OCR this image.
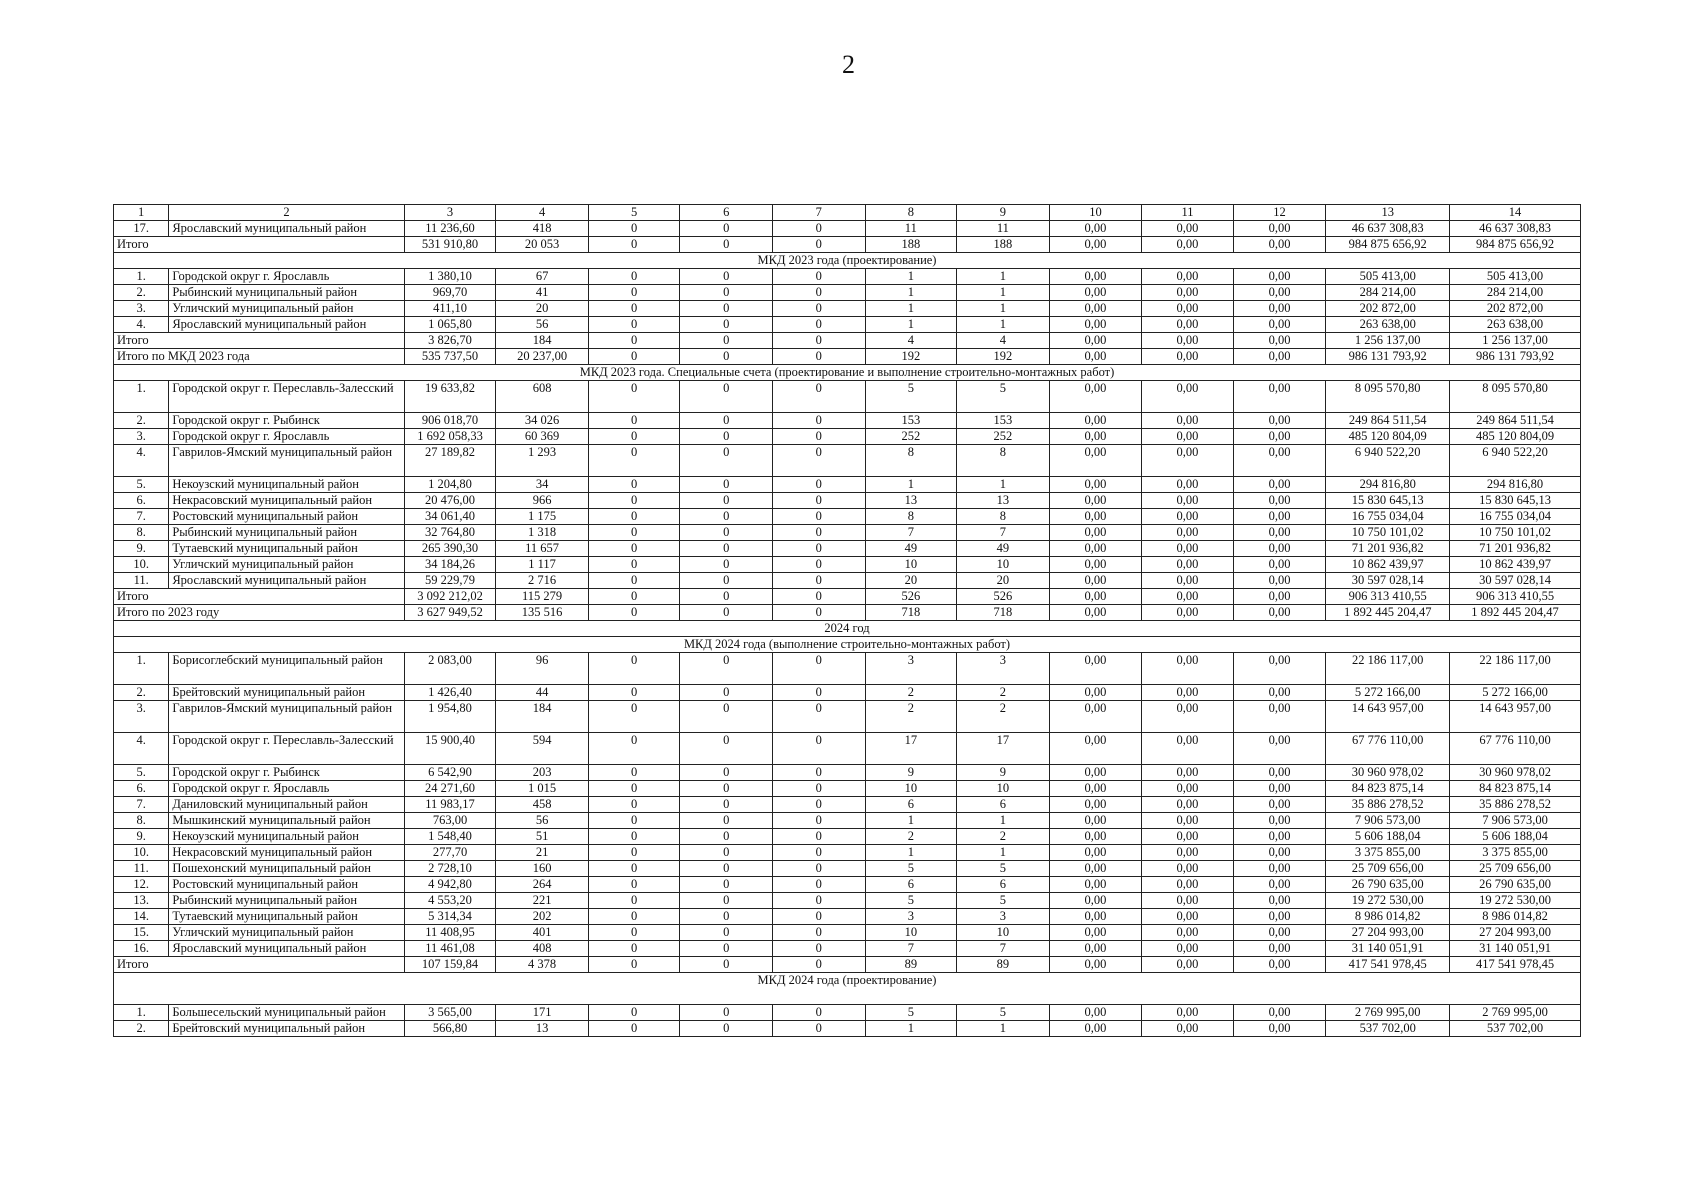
2
1	2	3	4	5	6	7	8	9	10	11	12	13	14
17.	Ярославский муниципальный район	11 236,60	418	0	0	0	11	11	0,00	0,00	0,00	46 637 308,83	46 637 308,83
Итого		531 910,80	20 053	0	0	0	188	188	0,00	0,00	0,00	984 875 656,92	984 875 656,92
МКД 2023 года (проектирование)													
1.	Городской округ г. Ярославль	1 380,10	67	0	0	0	1	1	0,00	0,00	0,00	505 413,00	505 413,00
2.	Рыбинский муниципальный район	969,70	41	0	0	0	1	1	0,00	0,00	0,00	284 214,00	284 214,00
3.	Угличский муниципальный район	411,10	20	0	0	0	1	1	0,00	0,00	0,00	202 872,00	202 872,00
4.	Ярославский муниципальный район	1 065,80	56	0	0	0	1	1	0,00	0,00	0,00	263 638,00	263 638,00
Итого		3 826,70	184	0	0	0	4	4	0,00	0,00	0,00	1 256 137,00	1 256 137,00
Итого по МКД 2023 года		535 737,50	20 237,00	0	0	0	192	192	0,00	0,00	0,00	986 131 793,92	986 131 793,92
МКД 2023 года. Специальные счета (проектирование и выполнение строительно-монтажных работ)													
1.	Городской округ г. Переславль-Залесский	19 633,82	608	0	0	0	5	5	0,00	0,00	0,00	8 095 570,80	8 095 570,80
2.	Городской округ г. Рыбинск	906 018,70	34 026	0	0	0	153	153	0,00	0,00	0,00	249 864 511,54	249 864 511,54
3.	Городской округ г. Ярославль	1 692 058,33	60 369	0	0	0	252	252	0,00	0,00	0,00	485 120 804,09	485 120 804,09
4.	Гаврилов-Ямский муниципальный район	27 189,82	1 293	0	0	0	8	8	0,00	0,00	0,00	6 940 522,20	6 940 522,20
5.	Некоузский муниципальный район	1 204,80	34	0	0	0	1	1	0,00	0,00	0,00	294 816,80	294 816,80
6.	Некрасовский муниципальный район	20 476,00	966	0	0	0	13	13	0,00	0,00	0,00	15 830 645,13	15 830 645,13
7.	Ростовский муниципальный район	34 061,40	1 175	0	0	0	8	8	0,00	0,00	0,00	16 755 034,04	16 755 034,04
8.	Рыбинский муниципальный район	32 764,80	1 318	0	0	0	7	7	0,00	0,00	0,00	10 750 101,02	10 750 101,02
9.	Тутаевский муниципальный район	265 390,30	11 657	0	0	0	49	49	0,00	0,00	0,00	71 201 936,82	71 201 936,82
10.	Угличский муниципальный район	34 184,26	1 117	0	0	0	10	10	0,00	0,00	0,00	10 862 439,97	10 862 439,97
11.	Ярославский муниципальный район	59 229,79	2 716	0	0	0	20	20	0,00	0,00	0,00	30 597 028,14	30 597 028,14
Итого		3 092 212,02	115 279	0	0	0	526	526	0,00	0,00	0,00	906 313 410,55	906 313 410,55
Итого по 2023 году		3 627 949,52	135 516	0	0	0	718	718	0,00	0,00	0,00	1 892 445 204,47	1 892 445 204,47
2024 год													
МКД 2024 года (выполнение строительно-монтажных работ)													
1.	Борисоглебский муниципальный район	2 083,00	96	0	0	0	3	3	0,00	0,00	0,00	22 186 117,00	22 186 117,00
2.	Брейтовский муниципальный район	1 426,40	44	0	0	0	2	2	0,00	0,00	0,00	5 272 166,00	5 272 166,00
3.	Гаврилов-Ямский муниципальный район	1 954,80	184	0	0	0	2	2	0,00	0,00	0,00	14 643 957,00	14 643 957,00
4.	Городской округ г. Переславль-Залесский	15 900,40	594	0	0	0	17	17	0,00	0,00	0,00	67 776 110,00	67 776 110,00
5.	Городской округ г. Рыбинск	6 542,90	203	0	0	0	9	9	0,00	0,00	0,00	30 960 978,02	30 960 978,02
6.	Городской округ г. Ярославль	24 271,60	1 015	0	0	0	10	10	0,00	0,00	0,00	84 823 875,14	84 823 875,14
7.	Даниловский муниципальный район	11 983,17	458	0	0	0	6	6	0,00	0,00	0,00	35 886 278,52	35 886 278,52
8.	Мышкинский муниципальный район	763,00	56	0	0	0	1	1	0,00	0,00	0,00	7 906 573,00	7 906 573,00
9.	Некоузский муниципальный район	1 548,40	51	0	0	0	2	2	0,00	0,00	0,00	5 606 188,04	5 606 188,04
10.	Некрасовский муниципальный район	277,70	21	0	0	0	1	1	0,00	0,00	0,00	3 375 855,00	3 375 855,00
11.	Пошехонский муниципальный район	2 728,10	160	0	0	0	5	5	0,00	0,00	0,00	25 709 656,00	25 709 656,00
12.	Ростовский муниципальный район	4 942,80	264	0	0	0	6	6	0,00	0,00	0,00	26 790 635,00	26 790 635,00
13.	Рыбинский муниципальный район	4 553,20	221	0	0	0	5	5	0,00	0,00	0,00	19 272 530,00	19 272 530,00
14.	Тутаевский муниципальный район	5 314,34	202	0	0	0	3	3	0,00	0,00	0,00	8 986 014,82	8 986 014,82
15.	Угличский муниципальный район	11 408,95	401	0	0	0	10	10	0,00	0,00	0,00	27 204 993,00	27 204 993,00
16.	Ярославский муниципальный район	11 461,08	408	0	0	0	7	7	0,00	0,00	0,00	31 140 051,91	31 140 051,91
Итого		107 159,84	4 378	0	0	0	89	89	0,00	0,00	0,00	417 541 978,45	417 541 978,45
МКД 2024 года (проектирование)													
1.	Большесельский муниципальный район	3 565,00	171	0	0	0	5	5	0,00	0,00	0,00	2 769 995,00	2 769 995,00
2.	Брейтовский муниципальный район	566,80	13	0	0	0	1	1	0,00	0,00	0,00	537 702,00	537 702,00
